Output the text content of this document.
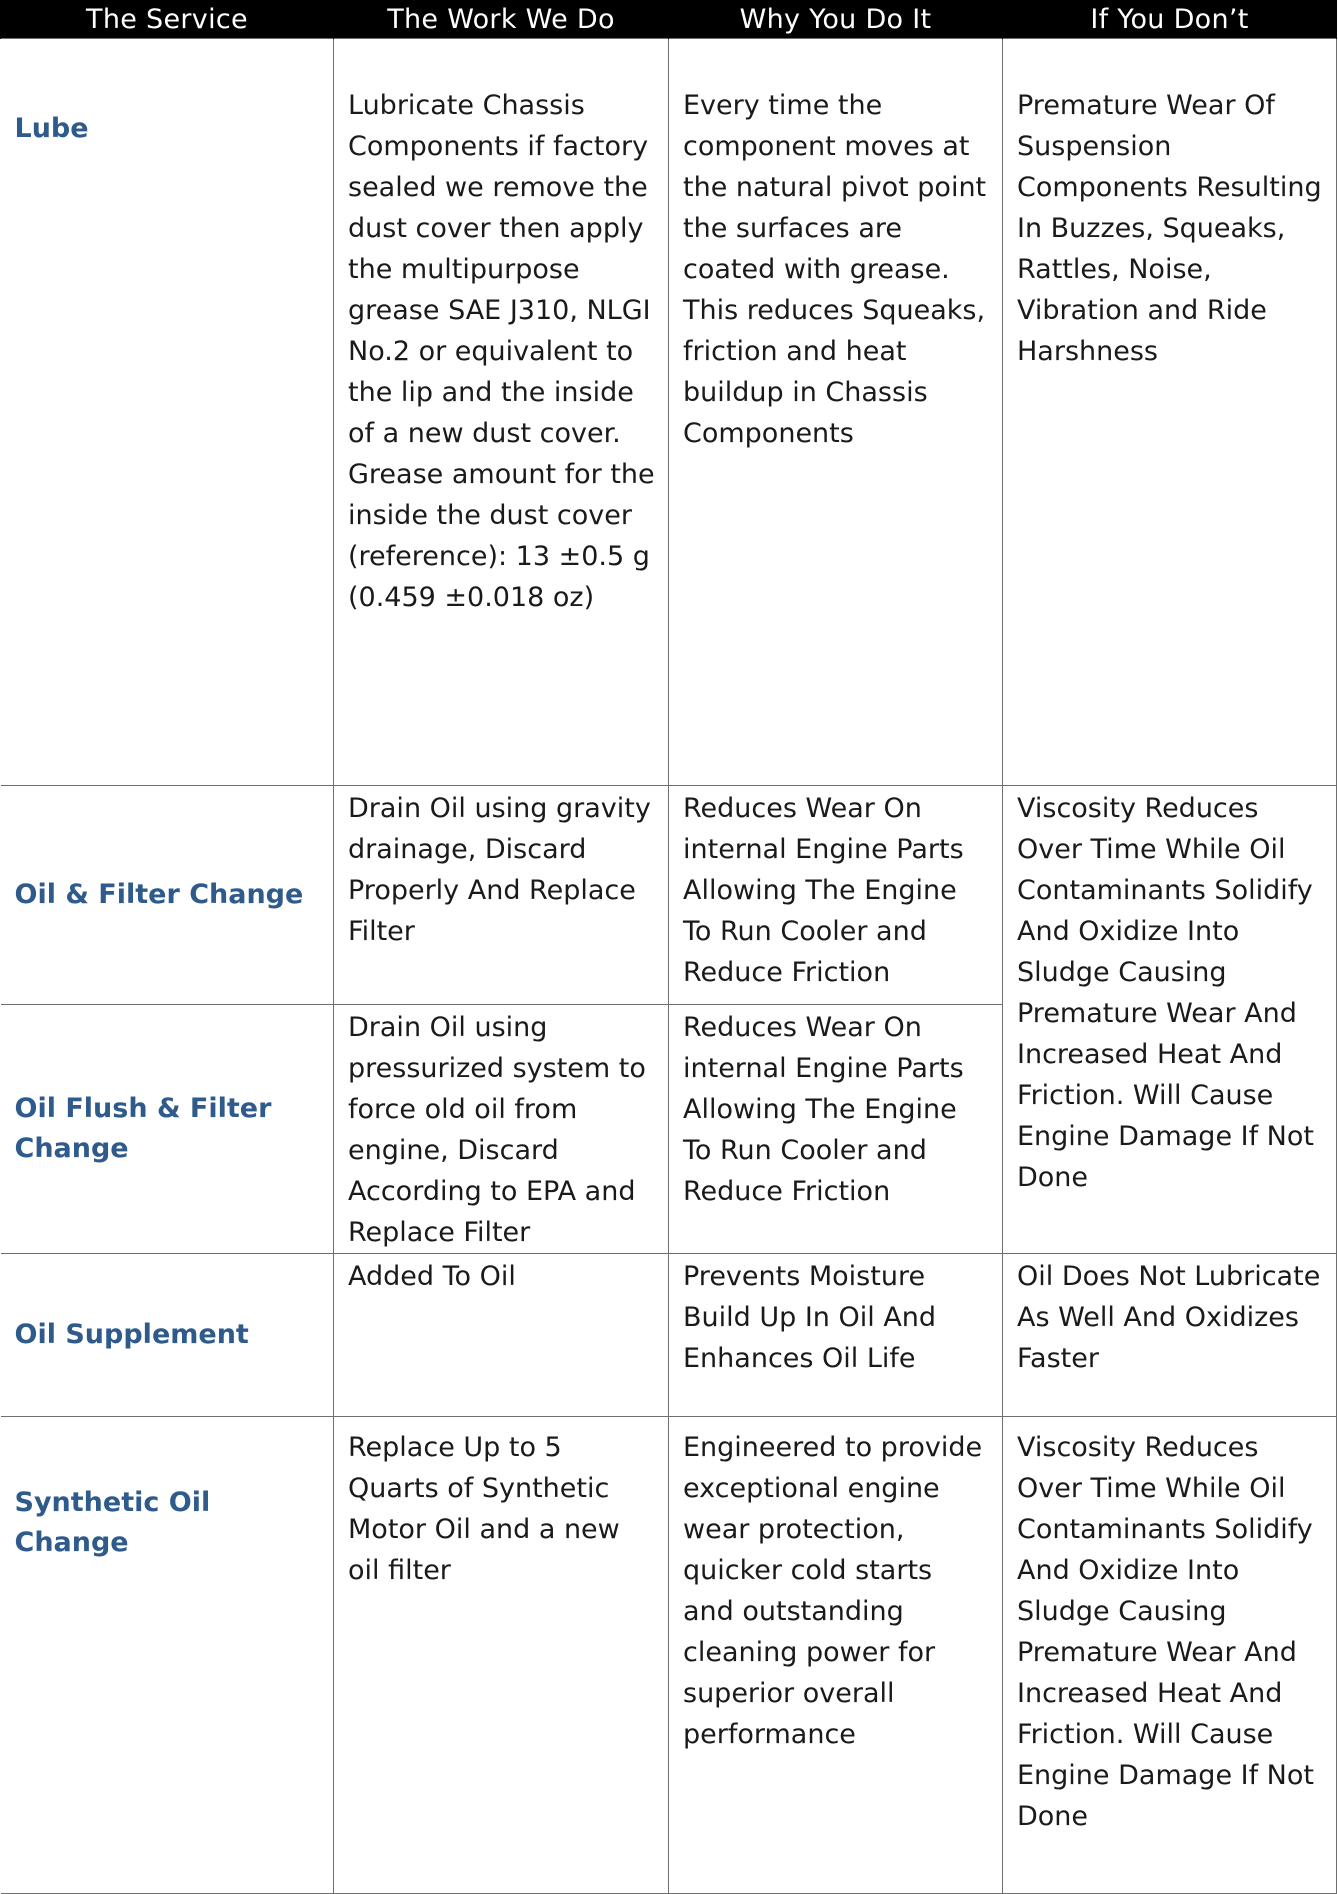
The Service	The Work We Do	Why You Do It	If You Don’t
Lube	Lubricate Chassis Components if factory sealed we remove the dust cover then apply the multipurpose grease SAE J310, NLGI No.2 or equivalent to the lip and the inside of a new dust cover. Grease amount for the inside the dust cover (reference): 13 ±0.5 g (0.459 ±0.018 oz)	Every time the component moves at the natural pivot point the surfaces are coated with grease. This reduces Squeaks, friction and heat buildup in Chassis Components	Premature Wear Of Suspension Components Resulting In Buzzes, Squeaks, Rattles, Noise, Vibration and Ride Harshness
Oil & Filter Change	Drain Oil using gravity drainage, Discard Properly And Replace Filter	Reduces Wear On internal Engine Parts Allowing The Engine To Run Cooler and Reduce Friction	Viscosity Reduces Over Time While Oil Contaminants Solidify And Oxidize Into Sludge Causing Premature Wear And Increased Heat And Friction. Will Cause Engine Damage If Not Done
Oil Flush & Filter Change	Drain Oil using pressurized system to force old oil from engine, Discard According to EPA and Replace Filter	Reduces Wear On internal Engine Parts Allowing The Engine To Run Cooler and Reduce Friction	
Oil Supplement	Added To Oil	Prevents Moisture Build Up In Oil And Enhances Oil Life	Oil Does Not Lubricate As Well And Oxidizes Faster
Synthetic Oil Change	Replace Up to 5 Quarts of Synthetic Motor Oil and a new oil filter	Engineered to provide exceptional engine wear protection, quicker cold starts and outstanding cleaning power for superior overall performance	Viscosity Reduces Over Time While Oil Contaminants Solidify And Oxidize Into Sludge Causing Premature Wear And Increased Heat And Friction. Will Cause Engine Damage If Not Done
